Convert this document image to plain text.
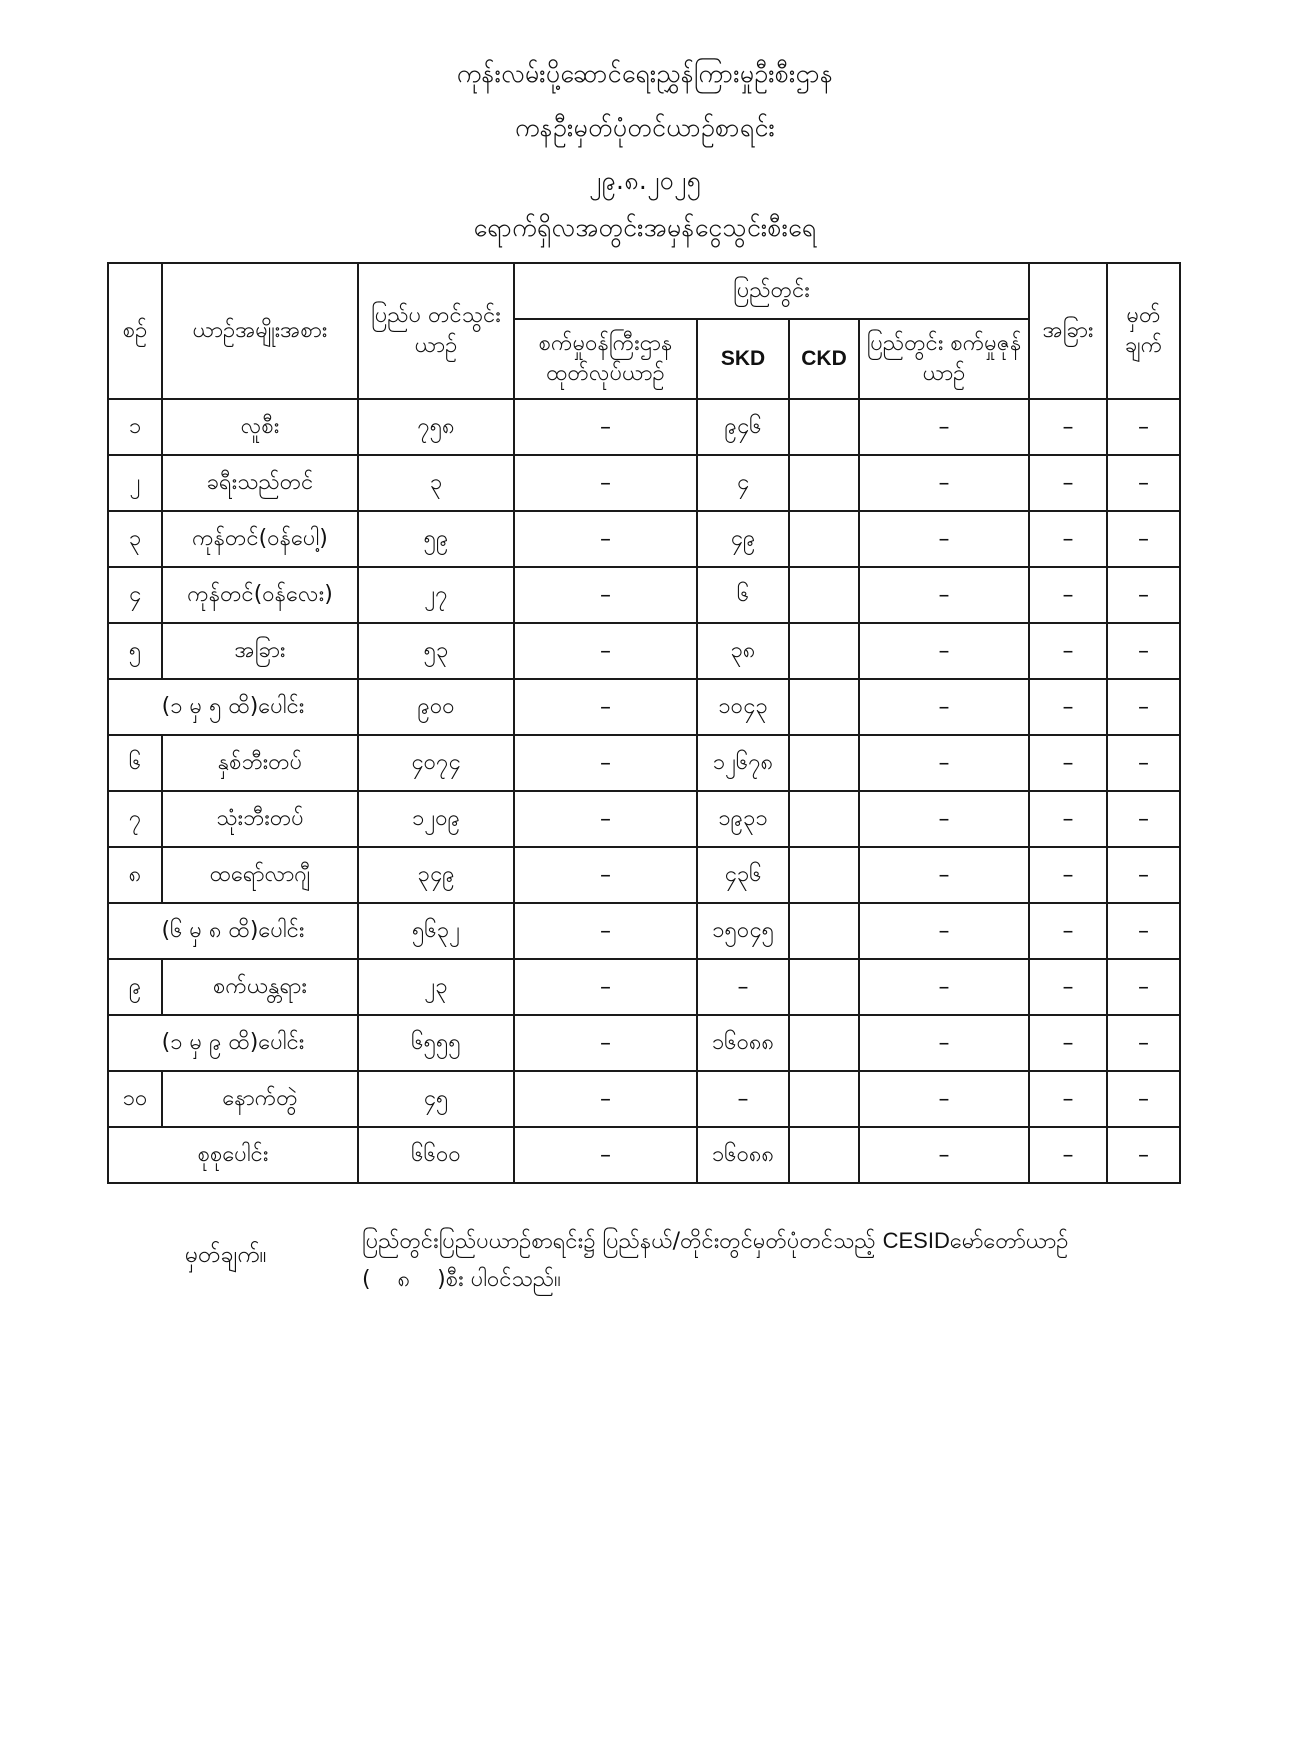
ကုန်းလမ်းပို့ဆောင်ရေးညွှန်ကြားမှုဦးစီးဌာန
ကနဦးမှတ်ပုံတင်ယာဉ်စာရင်း
၂၉.၈.၂၀၂၅
ရောက်ရှိလအတွင်းအမှန်ငွေသွင်းစီးရေ
စဉ်	ယာဉ်အမျိုးအစား	ပြည်ပ တင်သွင်းယာဉ်	ပြည်တွင်း				အခြား	မှတ် ချက်
			စက်မှုဝန်ကြီးဌာန ထုတ်လုပ်ယာဉ်	SKD	CKD	ပြည်တွင်း စက်မှုဇုန်ယာဉ်		
၁	လူစီး	၇၅၈	–	၉၄၆		–	–	–
၂	ခရီးသည်တင်	၃	–	၄		–	–	–
၃	ကုန်တင်(ဝန်ပေါ့)	၅၉	–	၄၉		–	–	–
၄	ကုန်တင်(ဝန်လေး)	၂၇	–	၆		–	–	–
၅	အခြား	၅၃	–	၃၈		–	–	–
(၁ မှ ၅ ထိ)ပေါင်း		၉၀၀	–	၁၀၄၃		–	–	–
၆	နှစ်ဘီးတပ်	၄၀၇၄	–	၁၂၆၇၈		–	–	–
၇	သုံးဘီးတပ်	၁၂၀၉	–	၁၉၃၁		–	–	–
၈	ထရော်လာဂျီ	၃၄၉	–	၄၃၆		–	–	–
(၆ မှ ၈ ထိ)ပေါင်း		၅၆၃၂	–	၁၅၀၄၅		–	–	–
၉	စက်ယန္တရား	၂၃	–	–		–	–	–
(၁ မှ ၉ ထိ)ပေါင်း		၆၅၅၅	–	၁၆၀၈၈		–	–	–
၁၀	နောက်တွဲ	၄၅	–	–		–	–	–
စုစုပေါင်း		၆၆၀၀	–	၁၆၀၈၈		–	–	–
မှတ်ချက်။
ပြည်တွင်းပြည်ပယာဉ်စာရင်း၌ ပြည်နယ်/တိုင်းတွင်မှတ်ပုံတင်သည့် CESIDမော်တော်ယာဉ်
( ၈ )စီး ပါဝင်သည်။
